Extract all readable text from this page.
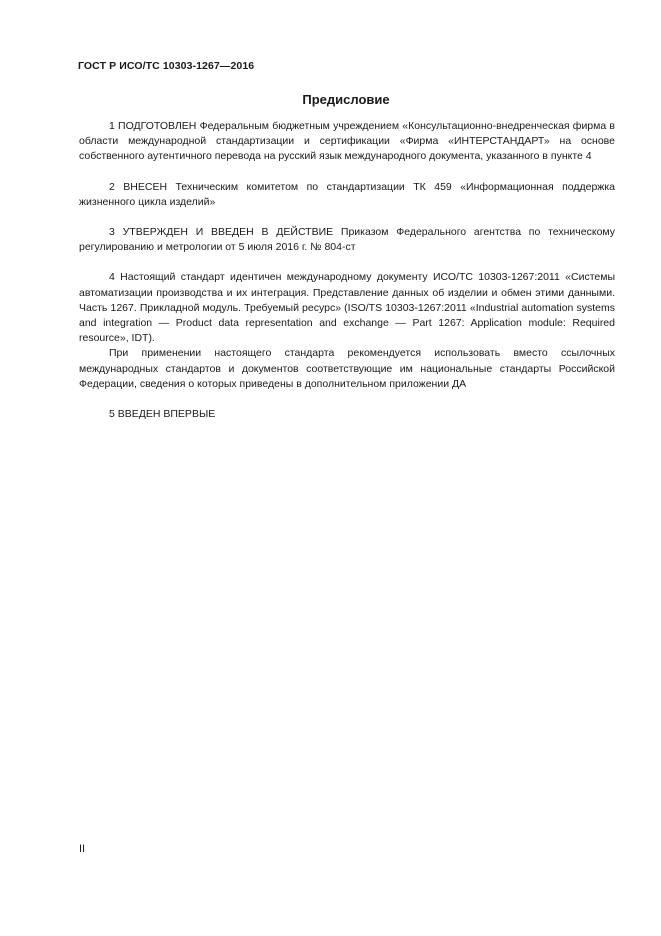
ГОСТ Р ИСО/ТС 10303-1267—2016
Предисловие

1 ПОДГОТОВЛЕН Федеральным бюджетным учреждением «Консультационно-внедренческая фирма в области международной стандартизации и сертификации «Фирма «ИНТЕРСТАНДАРТ» на основе собственного аутентичного перевода на русский язык международного документа, указанного в пункте 4

2 ВНЕСЕН Техническим комитетом по стандартизации ТК 459 «Информационная поддержка жизненного цикла изделий»

3 УТВЕРЖДЕН И ВВЕДЕН В ДЕЙСТВИЕ Приказом Федерального агентства по техническому регулированию и метрологии от 5 июля 2016 г. № 804-ст

4 Настоящий стандарт идентичен международному документу ИСО/ТС 10303-1267:2011 «Системы автоматизации производства и их интеграция. Представление данных об изделии и обмен этими данными. Часть 1267. Прикладной модуль. Требуемый ресурс» (ISO/TS 10303-1267:2011 «Industrial automation systems and integration — Product data representation and exchange — Part 1267: Application module: Required resource», IDT).

При применении настоящего стандарта рекомендуется использовать вместо ссылочных международных стандартов и документов соответствующие им национальные стандарты Российской Федерации, сведения о которых приведены в дополнительном приложении ДА

5 ВВЕДЕН ВПЕРВЫЕ

II
